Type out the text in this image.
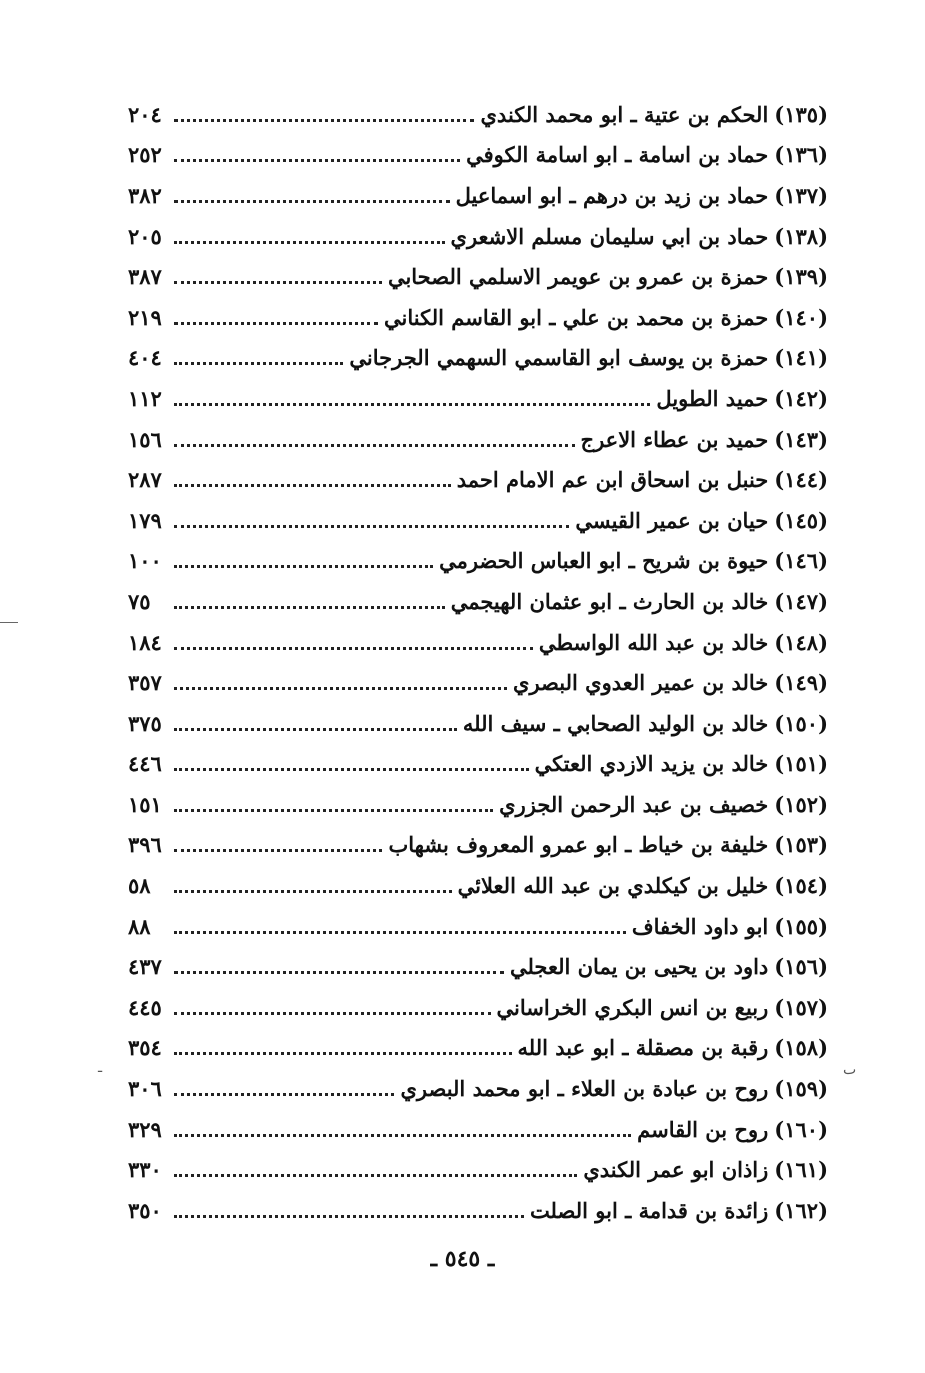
ٮ
ـ
(١٣٥)
الحكم بن عتية ـ ابو محمد الكندي
٢٠٤
(١٣٦)
حماد بن اسامة ـ ابو اسامة الكوفي
٢٥٢
(١٣٧)
حماد بن زيد بن درهم ـ ابو اسماعيل
٣٨٢
(١٣٨)
حماد بن ابي سليمان مسلم الاشعري
٢٠٥
(١٣٩)
حمزة بن عمرو بن عويمر الاسلمي الصحابي
٣٨٧
(١٤٠)
حمزة بن محمد بن علي ـ ابو القاسم الكناني
٢١٩
(١٤١)
حمزة بن يوسف ابو القاسمي السهمي الجرجاني
٤٠٤
(١٤٢)
حميد الطويل
١١٢
(١٤٣)
حميد بن عطاء الاعرج
١٥٦
(١٤٤)
حنبل بن اسحاق ابن عم الامام احمد
٢٨٧
(١٤٥)
حيان بن عمير القيسي
١٧٩
(١٤٦)
حيوة بن شريح ـ ابو العباس الحضرمي
١٠٠
(١٤٧)
خالد بن الحارث ـ ابو عثمان الهيجمي
٧٥
(١٤٨)
خالد بن عبد الله الواسطي
١٨٤
(١٤٩)
خالد بن عمير العدوي البصري
٣٥٧
(١٥٠)
خالد بن الوليد الصحابي ـ سيف الله
٣٧٥
(١٥١)
خالد بن يزيد الازدي العتكي
٤٤٦
(١٥٢)
خصيف بن عبد الرحمن الجزري
١٥١
(١٥٣)
خليفة بن خياط ـ ابو عمرو المعروف بشهاب
٣٩٦
(١٥٤)
خليل بن كيكلدي بن عبد الله العلائي
٥٨
(١٥٥)
ابو داود الخفاف
٨٨
(١٥٦)
داود بن يحيى بن يمان العجلي
٤٣٧
(١٥٧)
ربيع بن انس البكري الخراساني
٤٤٥
(١٥٨)
رقبة بن مصقلة ـ ابو عبد الله
٣٥٤
(١٥٩)
روح بن عبادة بن العلاء ـ ابو محمد البصري
٣٠٦
(١٦٠)
روح بن القاسم
٣٢٩
(١٦١)
زاذان ابو عمر الكندي
٣٣٠
(١٦٢)
زائدة بن قدامة ـ ابو الصلت
٣٥٠
ـ ٥٤٥ ـ
